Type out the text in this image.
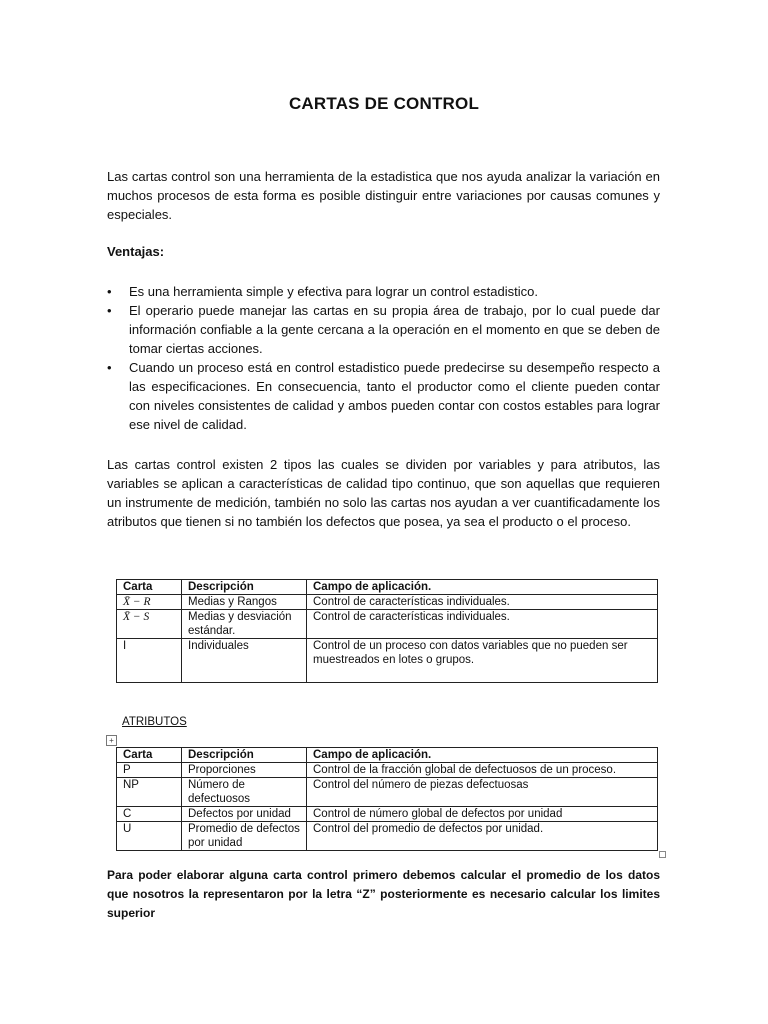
CARTAS DE CONTROL
Las cartas control son una herramienta de la estadistica que nos ayuda analizar la variación en muchos procesos de esta forma es posible distinguir entre variaciones por causas comunes y especiales.
Ventajas:
• Es una herramienta simple y efectiva para lograr un control estadistico.
• El operario puede manejar las cartas en su propia área de trabajo, por lo cual puede dar información confiable a la gente cercana a la operación en el momento en que se deben de tomar ciertas acciones.
• Cuando un proceso está en control estadistico puede predecirse su desempeño respecto a las especificaciones. En consecuencia, tanto el productor como el cliente pueden contar con niveles consistentes de calidad y ambos pueden contar con costos estables para lograr ese nivel de calidad.
Las cartas control existen 2 tipos las cuales se dividen por variables y para atributos, las variables se aplican a características de calidad tipo continuo, que son aquellas que requieren un instrumente de medición, también no solo las cartas nos ayudan a ver cuantificadamente los atributos que tienen si no también los defectos que posea, ya sea el producto o el proceso.
Carta	Descripción	Campo de aplicación.
X̄ − R	Medias y Rangos	Control de características individuales.
X̄ − S	Medias y desviación estándar.	Control de características individuales.
I	Individuales	Control de un proceso con datos variables que no pueden ser muestreados en lotes o grupos.
ATRIBUTOS
+
Carta	Descripción	Campo de aplicación.
P	Proporciones	Control de la fracción global de defectuosos de un proceso.
NP	Número de defectuosos	Control del número de piezas defectuosas
C	Defectos por unidad	Control de número global de defectos por unidad
U	Promedio de defectos por unidad	Control del promedio de defectos por unidad.
Para poder elaborar alguna carta control primero debemos calcular el promedio de los datos que nosotros la representaron por la letra “Z” posteriormente es necesario calcular los limites superior
